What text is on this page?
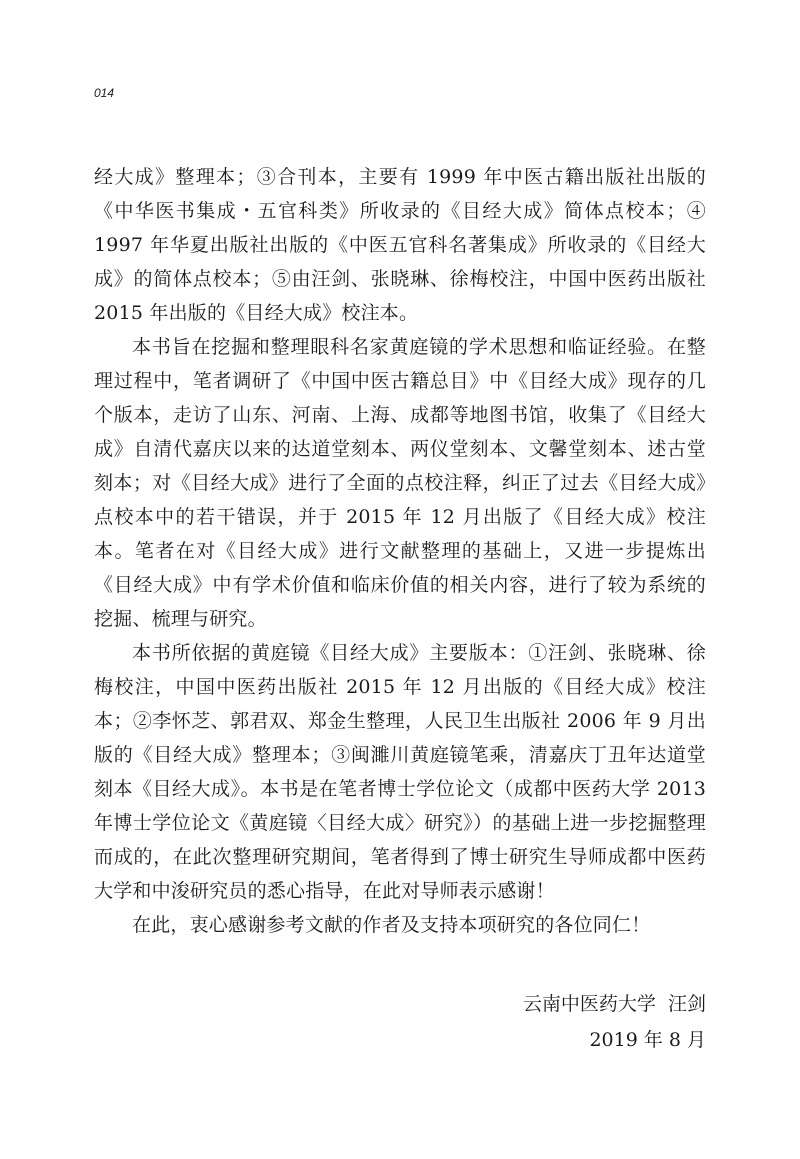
014

经大成》整理本；③合刊本，主要有 1999 年中医古籍出版社出版的《中华医书集成・五官科类》所收录的《目经大成》简体点校本；④ 1997 年华夏出版社出版的《中医五官科名著集成》所收录的《目经大成》的简体点校本；⑤由汪剑、张晓琳、徐梅校注，中国中医药出版社 2015 年出版的《目经大成》校注本。

本书旨在挖掘和整理眼科名家黄庭镜的学术思想和临证经验。在整理过程中，笔者调研了《中国中医古籍总目》中《目经大成》现存的几个版本，走访了山东、河南、上海、成都等地图书馆，收集了《目经大成》自清代嘉庆以来的达道堂刻本、两仪堂刻本、文馨堂刻本、述古堂刻本；对《目经大成》进行了全面的点校注释，纠正了过去《目经大成》点校本中的若干错误，并于 2015 年 12 月出版了《目经大成》校注本。笔者在对《目经大成》进行文献整理的基础上，又进一步提炼出《目经大成》中有学术价值和临床价值的相关内容，进行了较为系统的挖掘、梳理与研究。

本书所依据的黄庭镜《目经大成》主要版本：①汪剑、张晓琳、徐梅校注，中国中医药出版社 2015 年 12 月出版的《目经大成》校注本；②李怀芝、郭君双、郑金生整理，人民卫生出版社 2006 年 9 月出版的《目经大成》整理本；③闽濉川黄庭镜笔乘，清嘉庆丁丑年达道堂刻本《目经大成》。本书是在笔者博士学位论文（成都中医药大学 2013 年博士学位论文《黄庭镜〈目经大成〉研究》）的基础上进一步挖掘整理而成的，在此次整理研究期间，笔者得到了博士研究生导师成都中医药大学和中浚研究员的悉心指导，在此对导师表示感谢！

在此，衷心感谢参考文献的作者及支持本项研究的各位同仁！

云南中医药大学  汪剑
2019 年 8 月
